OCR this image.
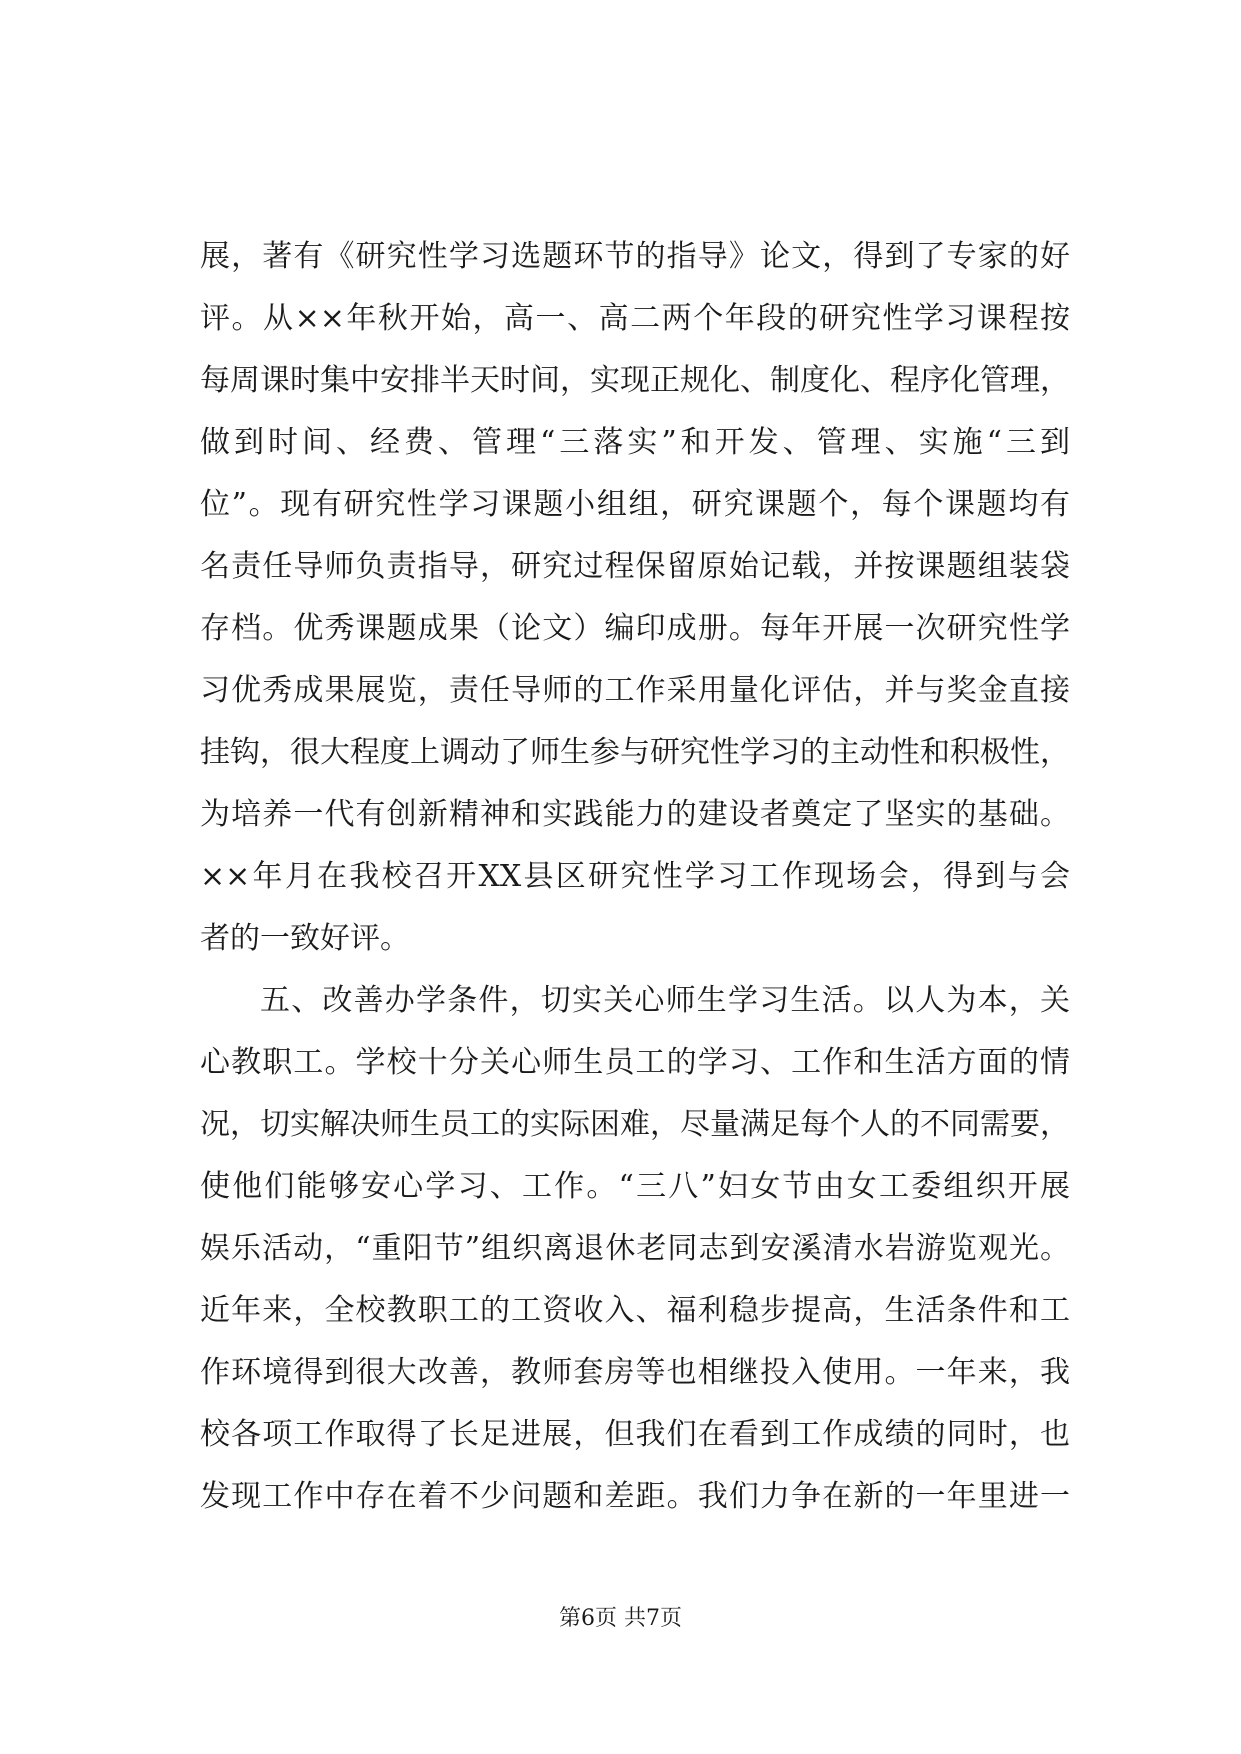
展，著有《研究性学习选题环节的指导》论文，得到了专家的好
评。从××年秋开始，高一、高二两个年段的研究性学习课程按
每周课时集中安排半天时间，实现正规化、制度化、程序化管理，
做到时间、经费、管理“三落实”和开发、管理、实施“三到
位”。现有研究性学习课题小组组，研究课题个，每个课题均有
名责任导师负责指导，研究过程保留原始记载，并按课题组装袋
存档。优秀课题成果（论文）编印成册。每年开展一次研究性学
习优秀成果展览，责任导师的工作采用量化评估，并与奖金直接
挂钩，很大程度上调动了师生参与研究性学习的主动性和积极性，
为培养一代有创新精神和实践能力的建设者奠定了坚实的基础。
××年月在我校召开XX县区研究性学习工作现场会，得到与会
者的一致好评。
五、改善办学条件，切实关心师生学习生活。以人为本，关
心教职工。学校十分关心师生员工的学习、工作和生活方面的情
况，切实解决师生员工的实际困难，尽量满足每个人的不同需要，
使他们能够安心学习、工作。“三八”妇女节由女工委组织开展
娱乐活动，“重阳节”组织离退休老同志到安溪清水岩游览观光。
近年来，全校教职工的工资收入、福利稳步提高，生活条件和工
作环境得到很大改善，教师套房等也相继投入使用。一年来，我
校各项工作取得了长足进展，但我们在看到工作成绩的同时，也
发现工作中存在着不少问题和差距。我们力争在新的一年里进一
第6页 共7页
